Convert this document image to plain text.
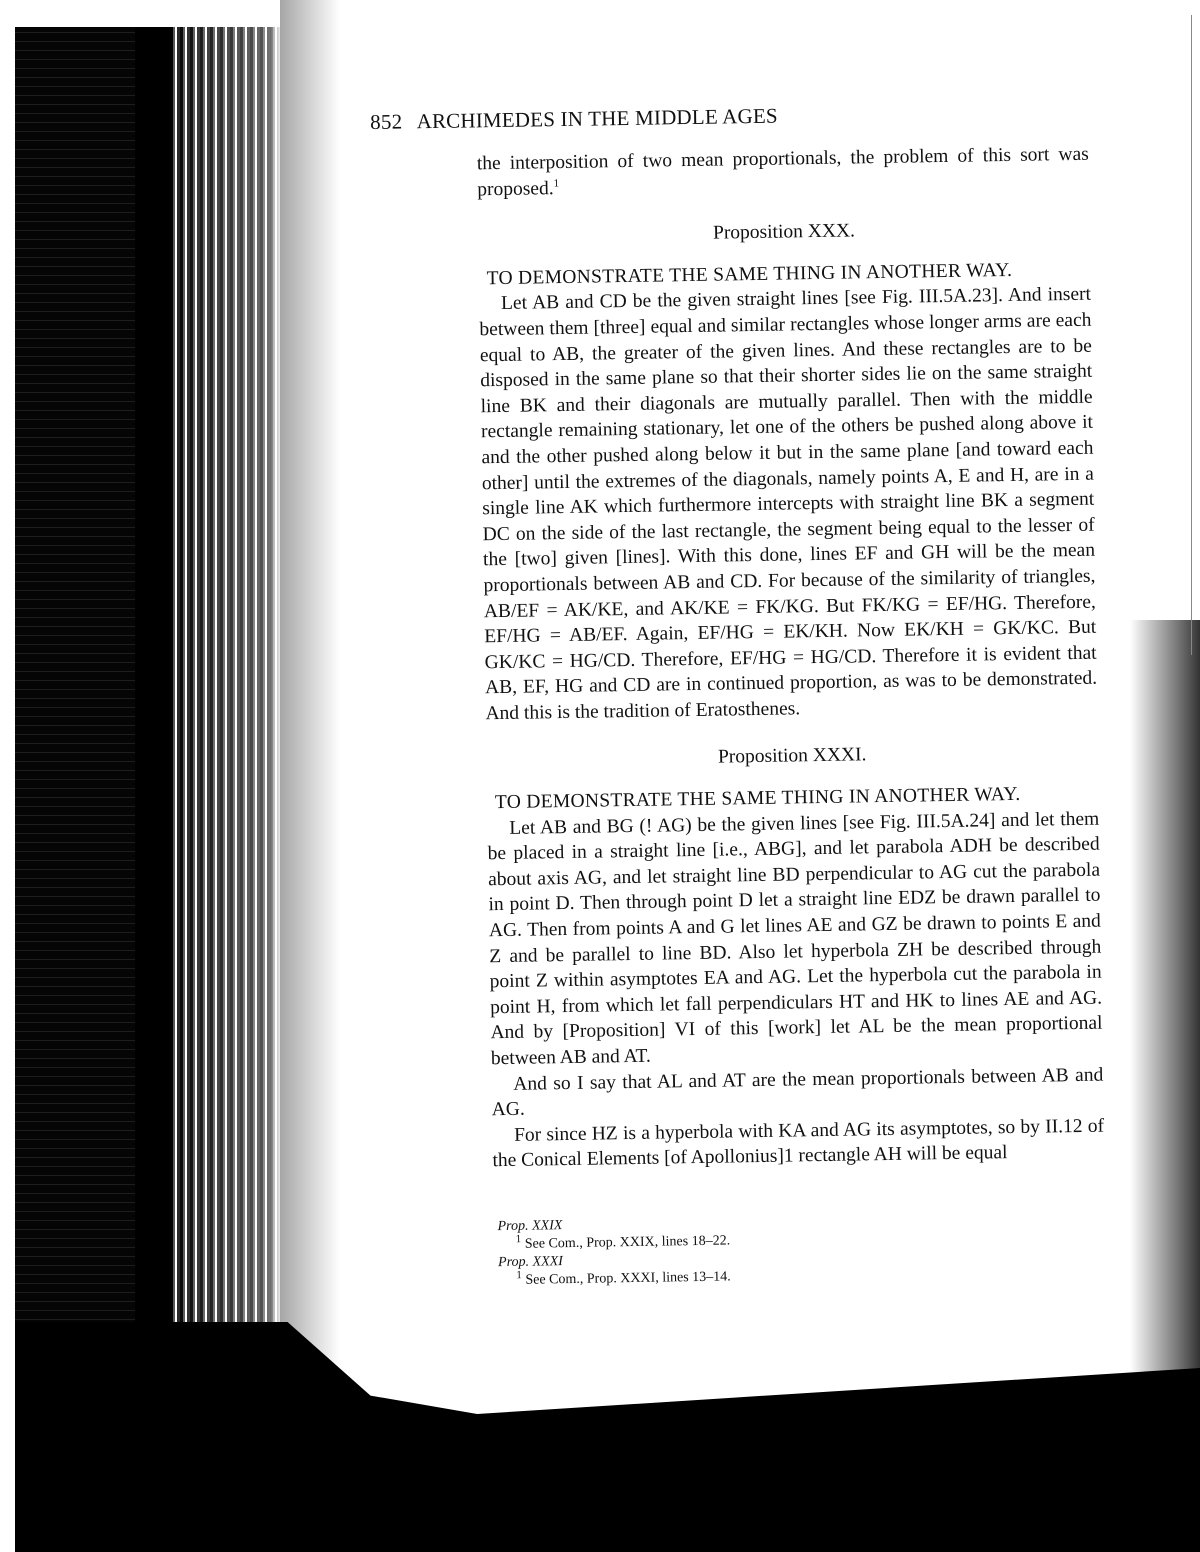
852 ARCHIMEDES IN THE MIDDLE AGES

the interposition of two mean proportionals, the problem of this sort was proposed.$^1$

Proposition XXX.

TO DEMONSTRATE THE SAME THING IN ANOTHER WAY.

Let AB and CD be the given straight lines [see Fig. III.5A.23]. And insert between them [three] equal and similar rectangles whose longer arms are each equal to AB, the greater of the given lines. And these rectangles are to be disposed in the same plane so that their shorter sides lie on the same straight line BK and their diagonals are mutually parallel. Then with the middle rectangle remaining stationary, let one of the others be pushed along above it and the other pushed along below it but in the same plane [and toward each other] until the extremes of the diagonals, namely points A, E and H, are in a single line AK which furthermore intercepts with straight line BK a segment DC on the side of the last rectangle, the segment being equal to the lesser of the [two] given [lines]. With this done, lines EF and GH will be the mean proportionals between AB and CD. For because of the similarity of triangles, AB/EF = AK/KE, and AK/KE = FK/KG. But FK/KG = EF/HG. Therefore, EF/HG = AB/EF. Again, EF/HG = EK/KH. Now EK/KH = GK/KC. But GK/KC = HG/CD. Therefore, EF/HG = HG/CD. Therefore it is evident that AB, EF, HG and CD are in continued proportion, as was to be demonstrated. And this is the tradition of Eratosthenes.

Proposition XXXI.

TO DEMONSTRATE THE SAME THING IN ANOTHER WAY.

Let AB and BG (! AG) be the given lines [see Fig. III.5A.24] and let them be placed in a straight line [i.e., ABG], and let parabola ADH be described about axis AG, and let straight line BD perpendicular to AG cut the parabola in point D. Then through point D let a straight line EDZ be drawn parallel to AG. Then from points A and G let lines AE and GZ be drawn to points E and Z and be parallel to line BD. Also let hyperbola ZH be described through point Z within asymptotes EA and AG. Let the hyperbola cut the parabola in point H, from which let fall perpendiculars HT and HK to lines AE and AG. And by [Proposition] VI of this [work] let AL be the mean proportional between AB and AT.

And so I say that AL and AT are the mean proportionals between AB and AG.

For since HZ is a hyperbola with KA and AG its asymptotes, so by II.12 of the Conical Elements [of Apollonius]1 rectangle AH will be equal

Prop. XXIX
$^1$ See Com., Prop. XXIX, lines 18–22.
Prop. XXXI
$^1$ See Com., Prop. XXXI, lines 13–14.
